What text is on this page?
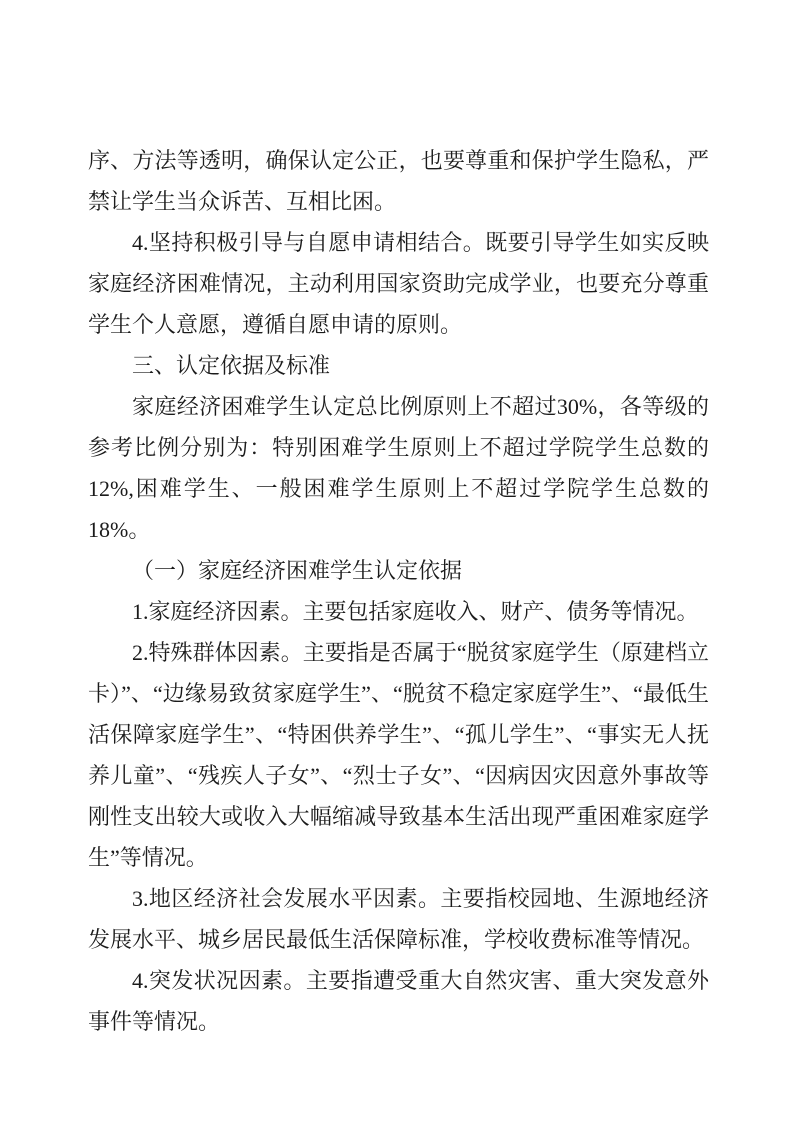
序、方法等透明，确保认定公正，也要尊重和保护学生隐私，严禁让学生当众诉苦、互相比困。

4.坚持积极引导与自愿申请相结合。既要引导学生如实反映家庭经济困难情况，主动利用国家资助完成学业，也要充分尊重学生个人意愿，遵循自愿申请的原则。

三、认定依据及标准

家庭经济困难学生认定总比例原则上不超过30%，各等级的参考比例分别为：特别困难学生原则上不超过学院学生总数的12%,困难学生、一般困难学生原则上不超过学院学生总数的18%。

（一）家庭经济困难学生认定依据

1.家庭经济因素。主要包括家庭收入、财产、债务等情况。

2.特殊群体因素。主要指是否属于“脱贫家庭学生（原建档立卡）”、“边缘易致贫家庭学生”、“脱贫不稳定家庭学生”、“最低生活保障家庭学生”、“特困供养学生”、“孤儿学生”、“事实无人抚养儿童”、“残疾人子女”、“烈士子女”、“因病因灾因意外事故等刚性支出较大或收入大幅缩减导致基本生活出现严重困难家庭学生”等情况。

3.地区经济社会发展水平因素。主要指校园地、生源地经济发展水平、城乡居民最低生活保障标准，学校收费标准等情况。

4.突发状况因素。主要指遭受重大自然灾害、重大突发意外事件等情况。
